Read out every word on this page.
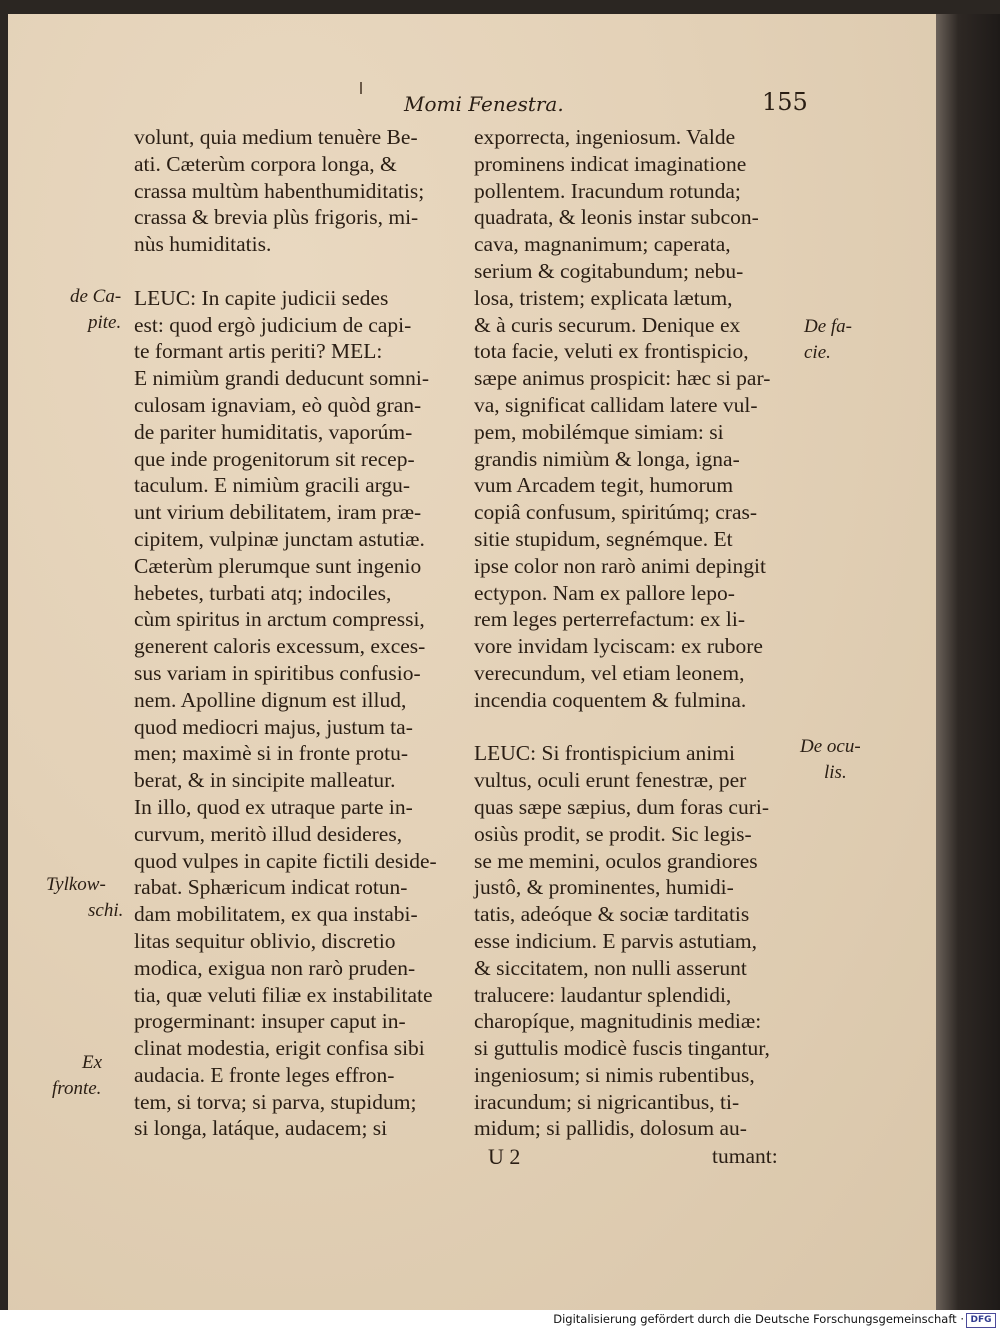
Momi Fenestra.	155
volunt, quia medium tenuère Be-
ati. Cæterùm corpora longa, &
crassa multùm habenthumiditatis;
crassa & brevia plùs frigoris, mi-
nùs humiditatis.
LEUC: In capite judicii sedes
est: quod ergò judicium de capi-
te formant artis periti? MEL:
E nimiùm grandi deducunt somni-
culosam ignaviam, eò quòd gran-
de pariter humiditatis, vaporúm-
que inde progenitorum sit recep-
taculum. E nimiùm gracili argu-
unt virium debilitatem, iram præ-
cipitem, vulpinæ junctam astutiæ.
Cæterùm plerumque sunt ingenio
hebetes, turbati atq; indociles,
cùm spiritus in arctum compressi,
generent caloris excessum, exces-
sus variam in spiritibus confusio-
nem. Apolline dignum est illud,
quod mediocri majus, justum ta-
men; maximè si in fronte protu-
berat, & in sincipite malleatur.
In illo, quod ex utraque parte in-
curvum, meritò illud desideres,
quod vulpes in capite fictili deside-
rabat. Sphæricum indicat rotun-
dam mobilitatem, ex qua instabi-
litas sequitur oblivio, discretio
modica, exigua non rarò pruden-
tia, quæ veluti filiæ ex instabilitate
progerminant: insuper caput in-
clinat modestia, erigit confisa sibi
audacia. E fronte leges effron-
tem, si torva; si parva, stupidum;
si longa, latáque, audacem; si
exporrecta, ingeniosum. Valde
prominens indicat imaginatione
pollentem. Iracundum rotunda;
quadrata, & leonis instar subcon-
cava, magnanimum; caperata,
serium & cogitabundum; nebu-
losa, tristem; explicata lætum,
& à curis securum. Denique ex
tota facie, veluti ex frontispicio,
sæpe animus prospicit: hæc si par-
va, significat callidam latere vul-
pem, mobilémque simiam: si
grandis nimiùm & longa, igna-
vum Arcadem tegit, humorum
copiâ confusum, spiritúmq; cras-
sitie stupidum, segnémque. Et
ipse color non rarò animi depingit
ectypon. Nam ex pallore lepo-
rem leges perterrefactum: ex li-
vore invidam lyciscam: ex rubore
verecundum, vel etiam leonem,
incendia coquentem & fulmina.
LEUC: Si frontispicium animi
vultus, oculi erunt fenestræ, per
quas sæpe sæpius, dum foras curi-
osiùs prodit, se prodit. Sic legis-
se me memini, oculos grandiores
justô, & prominentes, humidi-
tatis, adeóque & sociæ tarditatis
esse indicium. E parvis astutiam,
& siccitatem, non nulli asserunt
tralucere: laudantur splendidi,
charopíque, magnitudinis mediæ:
si guttulis modicè fuscis tingantur,
ingeniosum; si nimis rubentibus,
iracundum; si nigricantibus, ti-
midum; si pallidis, dolosum au-
U 2	tumant:
de Ca-
pite.
Tylkow-
schi.
Ex
fronte.
De fa-
cie.
De ocu-
lis.
Digitalisierung gefördert durch die Deutsche Forschungsgemeinschaft · DFG
